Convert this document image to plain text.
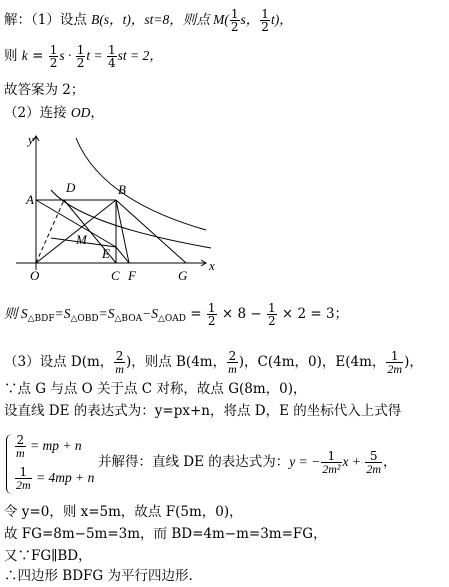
解：（1）设点 B(s，t)，st=8，则点 $M( \frac{1}{2}$ s， $\frac{1}{2} t$)，
则 $k = \frac{1}{2}$ $s \cdot \frac{1}{2}$ $t = \frac{1}{4}$ st = 2，
故答案为 2；
（2）连接 OD，
y
x
O
A
D	B
M
E
C F	G
则 $S_{\triangle BDF}=S_{\triangle OBD}=S_{\triangle BOA}-S_{\triangle OAD} = \frac{1}{2} \times 8 - \frac{1}{2} \times 2 = 3$；
（3）设点 D(m， $\frac{2}{m}$ )，则点 B(4m， $\frac{2}{m}$ )，C(4m，0)，E(4m， $\frac{1}{2m}$ )，
∵点 G 与点 O 关于点 C 对称，故点 G(8m，0)，
设直线 DE 的表达式为：y=px+n，将点 D，E 的坐标代入上式得
$\frac{2}{m}$ = mp + n
$\frac{1}{2m} = 4mp + n$
并解得：直线 DE 的表达式为：y = − $\frac{1}{\text{2m²}}$ $x + \frac{5}{2m}$ ，
令 y=0，则 x=5m，故点 F(5m，0)，
故 FG=8m−5m=3m，而 BD=4m−m=3m=FG，
又∵FG∥BD，
∴四边形 BDFG 为平行四边形.
